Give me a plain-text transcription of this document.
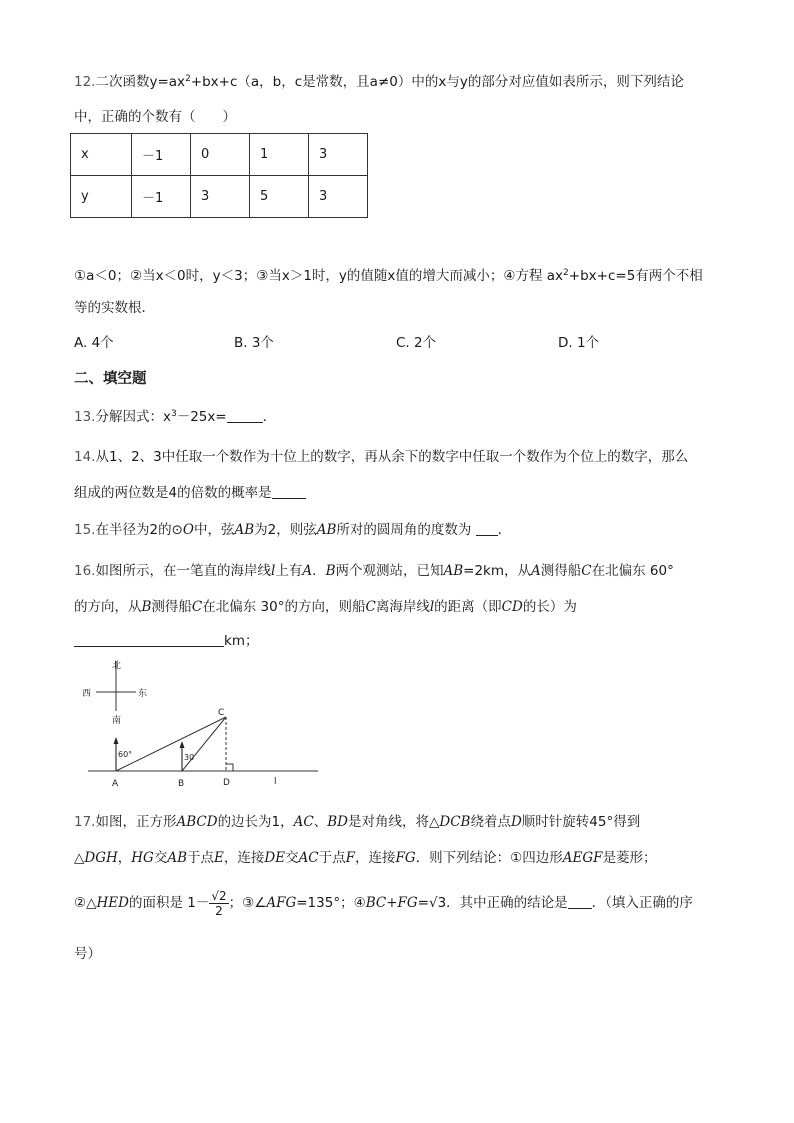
12.二次函数$y=ax^2+bx+c(a$，b，c是常数，且a≠0）中的x与y的部分对应值如表所示，则下列结论
中，正确的个数有（　　）
x	－1	0	1	3
y	－1	3	5	3
①a＜0；②当x＜0时，y＜3；③当x＞1时，y的值随x值的增大而减小；④方程 $ax^2+bx+c=5$有两个不相
等的实数根．
A. 4个	B. 3个	C. 2个	D. 1个
二、填空题
13.分解因式：$x^3-25x=$	．
14.从1、2、3中任取一个数作为十位上的数字，再从余下的数字中任取一个数作为个位上的数字，那么
组成的两位数是4的倍数的概率是
15.在半径为2的⊙O中，弦AB为2，则弦AB所对的圆周角的度数为 ．
16.如图所示，在一笔直的海岸线l上有A．B两个观测站，已知AB=2km，从A测得船C在北偏东 60°
的方向，从B测得船C在北偏东 30°的方向，则船C离海岸线l的距离（即CD的长）为
km；
北
南
西	东
60°	30
A	B
C
D	l
17.如图，正方形ABCD的边长为1，AC、BD是对角线，将△DCB绕着点D顺时针旋转45°得到
△DGH，HG交AB于点E，连接DE交AC于点F，连接FG．则下列结论：①四边形AEGF是菱形；
②△HED的面积是 $1- \frac{√2}{2}$ ；③∠AFG=135°；④BC+FG=√3．其中正确的结论是 ．（填入正确的序
号）
